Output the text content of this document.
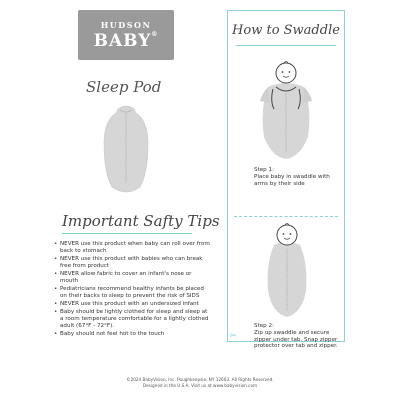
HUDSON
BABY®
Sleep Pod
Important Safty Tips
• NEVER use this product when baby can roll over from back to stomach
• NEVER use this product with babies who can break free from product
• NEVER allow fabric to cover an infant's nose or mouth
• Pediatricians recommend healthy infants be placed on their backs to sleep to prevent the risk of SIDS
• NEVER use this product with an undersized infant
• Baby should be lightly clothed for sleep and sleep at a room temperature comfortable for a lightly clothed adult (67°F - 72°F).
• Baby should not feel hot to the touch
How to Swaddle
Step 1:
Place baby in swaddle with arms by their side
Step 2:
Zip up swaddle and secure zipper under tab. Snap zipper protector over tab and zipper.
✂
©2024 BabyVision, Inc. Poughkeepsie, NY 12603. All Rights Reserved.
Designed in the U.S.A. Visit us at www.babyvision.com
